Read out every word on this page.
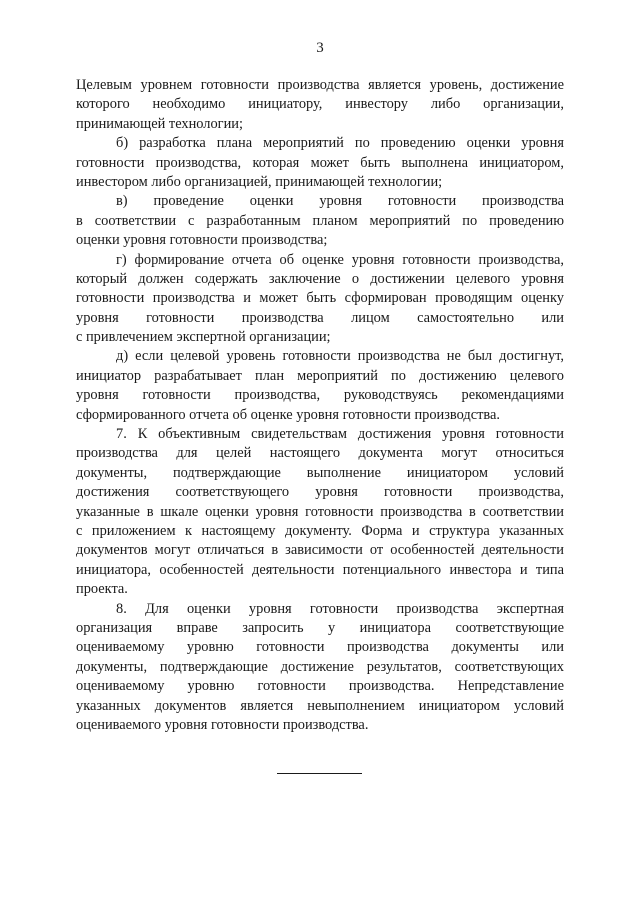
3
Целевым уровнем готовности производства является уровень, достижение
которого необходимо инициатору, инвестору либо организации,
принимающей технологии;
б) разработка плана мероприятий по проведению оценки уровня
готовности производства, которая может быть выполнена инициатором,
инвестором либо организацией, принимающей технологии;
в) проведение оценки уровня готовности производства
в соответствии с разработанным планом мероприятий по проведению
оценки уровня готовности производства;
г) формирование отчета об оценке уровня готовности производства,
который должен содержать заключение о достижении целевого уровня
готовности производства и может быть сформирован проводящим оценку
уровня готовности производства лицом самостоятельно или
с привлечением экспертной организации;
д) если целевой уровень готовности производства не был достигнут,
инициатор разрабатывает план мероприятий по достижению целевого
уровня готовности производства, руководствуясь рекомендациями
сформированного отчета об оценке уровня готовности производства.
7. К объективным свидетельствам достижения уровня готовности
производства для целей настоящего документа могут относиться
документы, подтверждающие выполнение инициатором условий
достижения соответствующего уровня готовности производства,
указанные в шкале оценки уровня готовности производства в соответствии
с приложением к настоящему документу. Форма и структура указанных
документов могут отличаться в зависимости от особенностей деятельности
инициатора, особенностей деятельности потенциального инвестора и типа
проекта.
8. Для оценки уровня готовности производства экспертная
организация вправе запросить у инициатора соответствующие
оцениваемому уровню готовности производства документы или
документы, подтверждающие достижение результатов, соответствующих
оцениваемому уровню готовности производства. Непредставление
указанных документов является невыполнением инициатором условий
оцениваемого уровня готовности производства.
